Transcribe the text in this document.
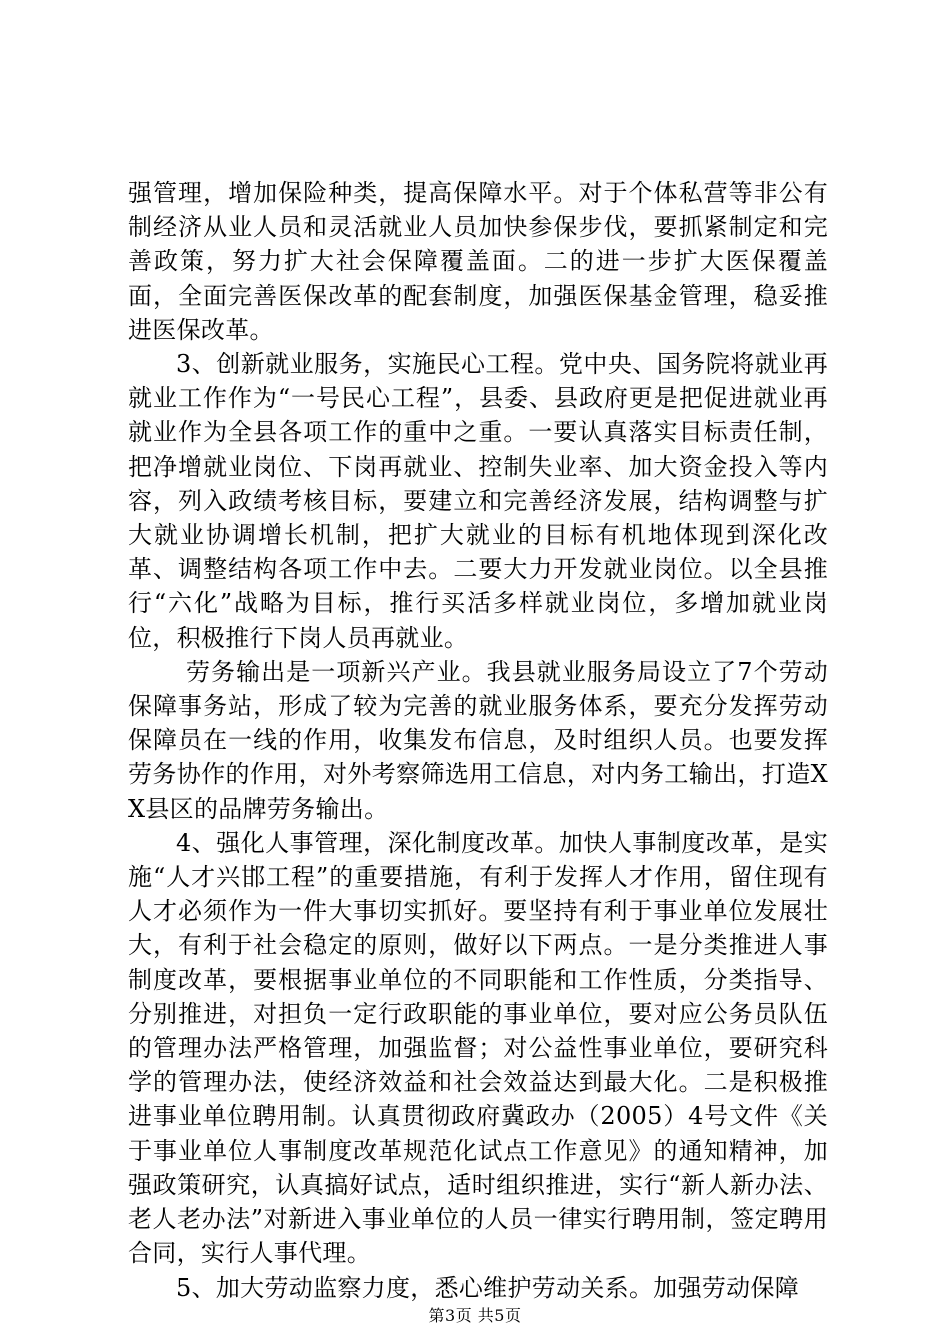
强管理，增加保险种类，提高保障水平。对于个体私营等非公有制经济从业人员和灵活就业人员加快参保步伐，要抓紧制定和完善政策，努力扩大社会保障覆盖面。二的进一步扩大医保覆盖面，全面完善医保改革的配套制度，加强医保基金管理，稳妥推进医保改革。

3、创新就业服务，实施民心工程。党中央、国务院将就业再就业工作作为“一号民心工程”，县委、县政府更是把促进就业再就业作为全县各项工作的重中之重。一要认真落实目标责任制，把净增就业岗位、下岗再就业、控制失业率、加大资金投入等内容，列入政绩考核目标，要建立和完善经济发展，结构调整与扩大就业协调增长机制，把扩大就业的目标有机地体现到深化改革、调整结构各项工作中去。二要大力开发就业岗位。以全县推行“六化”战略为目标，推行买活多样就业岗位，多增加就业岗位，积极推行下岗人员再就业。

劳务输出是一项新兴产业。我县就业服务局设立了7个劳动保障事务站，形成了较为完善的就业服务体系，要充分发挥劳动保障员在一线的作用，收集发布信息，及时组织人员。也要发挥劳务协作的作用，对外考察筛选用工信息，对内务工输出，打造XX县区的品牌劳务输出。

4、强化人事管理，深化制度改革。加快人事制度改革，是实施“人才兴邯工程”的重要措施，有利于发挥人才作用，留住现有人才必须作为一件大事切实抓好。要坚持有利于事业单位发展壮大，有利于社会稳定的原则，做好以下两点。一是分类推进人事制度改革，要根据事业单位的不同职能和工作性质，分类指导、分别推进，对担负一定行政职能的事业单位，要对应公务员队伍的管理办法严格管理，加强监督；对公益性事业单位，要研究科学的管理办法，使经济效益和社会效益达到最大化。二是积极推进事业单位聘用制。认真贯彻政府冀政办（2005）4号文件《关于事业单位人事制度改革规范化试点工作意见》的通知精神，加强政策研究，认真搞好试点，适时组织推进，实行“新人新办法、老人老办法”对新进入事业单位的人员一律实行聘用制，签定聘用合同，实行人事代理。

5、加大劳动监察力度，悉心维护劳动关系。加强劳动保障

第3页 共5页
